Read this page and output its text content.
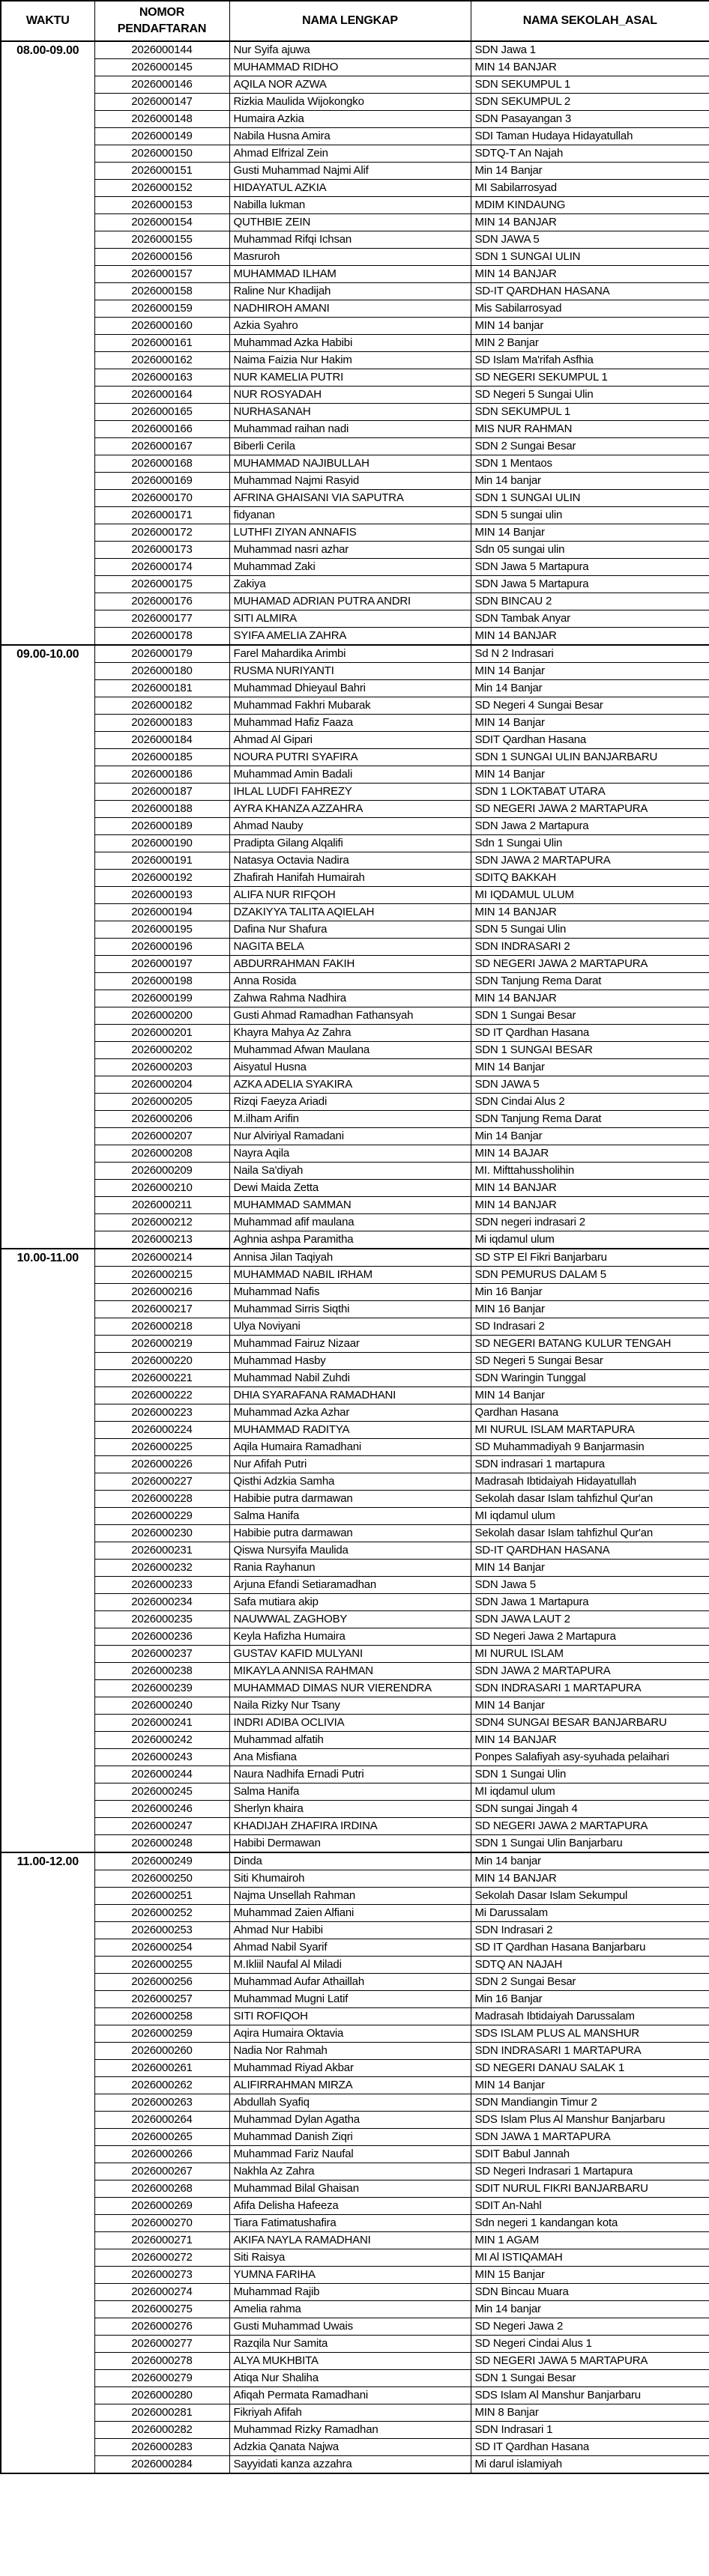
WAKTU	NOMOR PENDAFTARAN	NAMA LENGKAP	NAMA SEKOLAH_ASAL
08.00-09.00	2026000144	Nur Syifa ajuwa	SDN Jawa 1
	2026000145	MUHAMMAD RIDHO	MIN 14 BANJAR
	2026000146	AQILA NOR AZWA	SDN SEKUMPUL 1
	2026000147	Rizkia Maulida Wijokongko	SDN SEKUMPUL 2
	2026000148	Humaira Azkia	SDN Pasayangan 3
	2026000149	Nabila Husna Amira	SDI Taman Hudaya Hidayatullah
	2026000150	Ahmad Elfrizal Zein	SDTQ-T An Najah
	2026000151	Gusti Muhammad Najmi Alif	Min 14 Banjar
	2026000152	HIDAYATUL AZKIA	MI Sabilarrosyad
	2026000153	Nabilla lukman	MDIM KINDAUNG
	2026000154	QUTHBIE ZEIN	MIN 14 BANJAR
	2026000155	Muhammad Rifqi Ichsan	SDN JAWA 5
	2026000156	Masruroh	SDN 1 SUNGAI ULIN
	2026000157	MUHAMMAD ILHAM	MIN 14 BANJAR
	2026000158	Raline Nur Khadijah	SD-IT QARDHAN HASANA
	2026000159	NADHIROH AMANI	Mis Sabilarrosyad
	2026000160	Azkia Syahro	MIN 14 banjar
	2026000161	Muhammad Azka Habibi	MIN 2 Banjar
	2026000162	Naima Faizia Nur Hakim	SD Islam Ma'rifah Asfhia
	2026000163	NUR KAMELIA PUTRI	SD NEGERI SEKUMPUL 1
	2026000164	NUR ROSYADAH	SD Negeri 5 Sungai Ulin
	2026000165	NURHASANAH	SDN SEKUMPUL 1
	2026000166	Muhammad raihan nadi	MIS NUR RAHMAN
	2026000167	Biberli Cerila	SDN 2 Sungai Besar
	2026000168	MUHAMMAD NAJIBULLAH	SDN 1 Mentaos
	2026000169	Muhammad Najmi Rasyid	Min 14 banjar
	2026000170	AFRINA GHAISANI VIA SAPUTRA	SDN 1 SUNGAI ULIN
	2026000171	fidyanan	SDN 5 sungai ulin
	2026000172	LUTHFI ZIYAN ANNAFIS	MIN 14 Banjar
	2026000173	Muhammad nasri azhar	Sdn 05 sungai ulin
	2026000174	Muhammad Zaki	SDN Jawa 5 Martapura
	2026000175	Zakiya	SDN Jawa 5 Martapura
	2026000176	MUHAMAD ADRIAN PUTRA ANDRI	SDN BINCAU 2
	2026000177	SITI ALMIRA	SDN Tambak Anyar
	2026000178	SYIFA AMELIA ZAHRA	MIN 14 BANJAR
09.00-10.00	2026000179	Farel Mahardika Arimbi	Sd N 2 Indrasari
	2026000180	RUSMA NURIYANTI	MIN 14 Banjar
	2026000181	Muhammad Dhieyaul Bahri	Min 14 Banjar
	2026000182	Muhammad Fakhri Mubarak	SD Negeri 4 Sungai Besar
	2026000183	Muhammad Hafiz Faaza	MIN 14 Banjar
	2026000184	Ahmad Al Gipari	SDIT Qardhan Hasana
	2026000185	NOURA PUTRI SYAFIRA	SDN 1 SUNGAI ULIN BANJARBARU
	2026000186	Muhammad Amin Badali	MIN 14 Banjar
	2026000187	IHLAL LUDFI FAHREZY	SDN 1 LOKTABAT UTARA
	2026000188	AYRA KHANZA AZZAHRA	SD NEGERI JAWA 2 MARTAPURA
	2026000189	Ahmad Nauby	SDN Jawa 2 Martapura
	2026000190	Pradipta Gilang Alqalifi	Sdn 1 Sungai Ulin
	2026000191	Natasya Octavia Nadira	SDN JAWA 2 MARTAPURA
	2026000192	Zhafirah Hanifah Humairah	SDITQ BAKKAH
	2026000193	ALIFA NUR RIFQOH	MI IQDAMUL ULUM
	2026000194	DZAKIYYA TALITA AQIELAH	MIN 14 BANJAR
	2026000195	Dafina Nur Shafura	SDN 5 Sungai Ulin
	2026000196	NAGITA BELA	SDN INDRASARI 2
	2026000197	ABDURRAHMAN FAKIH	SD NEGERI JAWA 2 MARTAPURA
	2026000198	Anna Rosida	SDN Tanjung Rema Darat
	2026000199	Zahwa Rahma Nadhira	MIN 14 BANJAR
	2026000200	Gusti Ahmad Ramadhan Fathansyah	SDN 1 Sungai Besar
	2026000201	Khayra Mahya Az Zahra	SD IT Qardhan Hasana
	2026000202	Muhammad Afwan Maulana	SDN 1 SUNGAI BESAR
	2026000203	Aisyatul Husna	MIN 14 Banjar
	2026000204	AZKA ADELIA SYAKIRA	SDN JAWA 5
	2026000205	Rizqi Faeyza Ariadi	SDN Cindai Alus 2
	2026000206	M.ilham Arifin	SDN Tanjung Rema Darat
	2026000207	Nur Alviriyal Ramadani	Min 14 Banjar
	2026000208	Nayra Aqila	MIN 14 BAJAR
	2026000209	Naila Sa'diyah	MI. Mifttahussholihin
	2026000210	Dewi Maida Zetta	MIN 14 BANJAR
	2026000211	MUHAMMAD SAMMAN	MIN 14 BANJAR
	2026000212	Muhammad afif maulana	SDN negeri indrasari 2
	2026000213	Aghnia ashpa Paramitha	Mi iqdamul ulum
10.00-11.00	2026000214	Annisa Jilan Taqiyah	SD STP El Fikri Banjarbaru
	2026000215	MUHAMMAD NABIL IRHAM	SDN PEMURUS DALAM 5
	2026000216	Muhammad Nafis	Min 16 Banjar
	2026000217	Muhammad Sirris Siqthi	MIN 16 Banjar
	2026000218	Ulya Noviyani	SD Indrasari 2
	2026000219	Muhammad Fairuz Nizaar	SD NEGERI BATANG KULUR TENGAH
	2026000220	Muhammad Hasby	SD Negeri 5 Sungai Besar
	2026000221	Muhammad Nabil Zuhdi	SDN Waringin Tunggal
	2026000222	DHIA SYARAFANA RAMADHANI	MIN 14 Banjar
	2026000223	Muhammad Azka Azhar	Qardhan Hasana
	2026000224	MUHAMMAD RADITYA	MI NURUL ISLAM MARTAPURA
	2026000225	Aqila Humaira Ramadhani	SD Muhammadiyah 9 Banjarmasin
	2026000226	Nur Afifah Putri	SDN indrasari 1 martapura
	2026000227	Qisthi Adzkia Samha	Madrasah Ibtidaiyah Hidayatullah
	2026000228	Habibie putra darmawan	Sekolah dasar Islam tahfizhul Qur'an
	2026000229	Salma Hanifa	MI iqdamul ulum
	2026000230	Habibie putra darmawan	Sekolah dasar Islam tahfizhul Qur'an
	2026000231	Qiswa Nursyifa Maulida	SD-IT QARDHAN HASANA
	2026000232	Rania Rayhanun	MIN 14 Banjar
	2026000233	Arjuna Efandi Setiaramadhan	SDN Jawa 5
	2026000234	Safa mutiara akip	SDN Jawa 1 Martapura
	2026000235	NAUWWAL ZAGHOBY	SDN JAWA LAUT 2
	2026000236	Keyla Hafizha Humaira	SD Negeri Jawa 2 Martapura
	2026000237	GUSTAV KAFID MULYANI	MI NURUL ISLAM
	2026000238	MIKAYLA ANNISA RAHMAN	SDN JAWA 2 MARTAPURA
	2026000239	MUHAMMAD DIMAS NUR VIERENDRA	SDN INDRASARI 1 MARTAPURA
	2026000240	Naila Rizky Nur Tsany	MIN 14 Banjar
	2026000241	INDRI ADIBA OCLIVIA	SDN4 SUNGAI BESAR BANJARBARU
	2026000242	Muhammad alfatih	MIN 14 BANJAR
	2026000243	Ana Misfiana	Ponpes Salafiyah asy-syuhada pelaihari
	2026000244	Naura Nadhifa Ernadi Putri	SDN 1 Sungai Ulin
	2026000245	Salma Hanifa	MI iqdamul ulum
	2026000246	Sherlyn khaira	SDN sungai Jingah 4
	2026000247	KHADIJAH ZHAFIRA IRDINA	SD NEGERI JAWA 2 MARTAPURA
	2026000248	Habibi Dermawan	SDN 1 Sungai Ulin Banjarbaru
11.00-12.00	2026000249	Dinda	Min 14 banjar
	2026000250	Siti Khumairoh	MIN 14 BANJAR
	2026000251	Najma Unsellah Rahman	Sekolah Dasar Islam Sekumpul
	2026000252	Muhammad Zaien Alfiani	Mi Darussalam
	2026000253	Ahmad Nur Habibi	SDN Indrasari 2
	2026000254	Ahmad Nabil Syarif	SD IT Qardhan Hasana Banjarbaru
	2026000255	M.Ikliil Naufal Al Miladi	SDTQ AN NAJAH
	2026000256	Muhammad Aufar Athaillah	SDN 2 Sungai Besar
	2026000257	Muhammad Mugni Latif	Min 16 Banjar
	2026000258	SITI ROFIQOH	Madrasah Ibtidaiyah Darussalam
	2026000259	Aqira Humaira Oktavia	SDS ISLAM PLUS AL MANSHUR
	2026000260	Nadia Nor Rahmah	SDN INDRASARI 1 MARTAPURA
	2026000261	Muhammad Riyad Akbar	SD NEGERI DANAU SALAK 1
	2026000262	ALIFIRRAHMAN MIRZA	MIN 14 Banjar
	2026000263	Abdullah Syafiq	SDN Mandiangin Timur 2
	2026000264	Muhammad Dylan Agatha	SDS Islam Plus Al Manshur Banjarbaru
	2026000265	Muhammad Danish Ziqri	SDN JAWA 1 MARTAPURA
	2026000266	Muhammad Fariz Naufal	SDIT Babul Jannah
	2026000267	Nakhla Az Zahra	SD Negeri Indrasari 1 Martapura
	2026000268	Muhammad Bilal Ghaisan	SDIT NURUL FIKRI BANJARBARU
	2026000269	Afifa Delisha Hafeeza	SDIT An-Nahl
	2026000270	Tiara Fatimatushafira	Sdn negeri 1 kandangan kota
	2026000271	AKIFA NAYLA RAMADHANI	MIN 1 AGAM
	2026000272	Siti Raisya	MI Al ISTIQAMAH
	2026000273	YUMNA FARIHA	MIN 15 Banjar
	2026000274	Muhammad Rajib	SDN Bincau Muara
	2026000275	Amelia rahma	Min 14 banjar
	2026000276	Gusti Muhammad Uwais	SD Negeri Jawa 2
	2026000277	Razqila Nur Samita	SD Negeri Cindai Alus 1
	2026000278	ALYA MUKHBITA	SD NEGERI JAWA 5 MARTAPURA
	2026000279	Atiqa Nur Shaliha	SDN 1 Sungai Besar
	2026000280	Afiqah Permata Ramadhani	SDS Islam Al Manshur Banjarbaru
	2026000281	Fikriyah Afifah	MIN 8 Banjar
	2026000282	Muhammad Rizky Ramadhan	SDN Indrasari 1
	2026000283	Adzkia Qanata Najwa	SD IT Qardhan Hasana
	2026000284	Sayyidati kanza azzahra	Mi darul islamiyah
